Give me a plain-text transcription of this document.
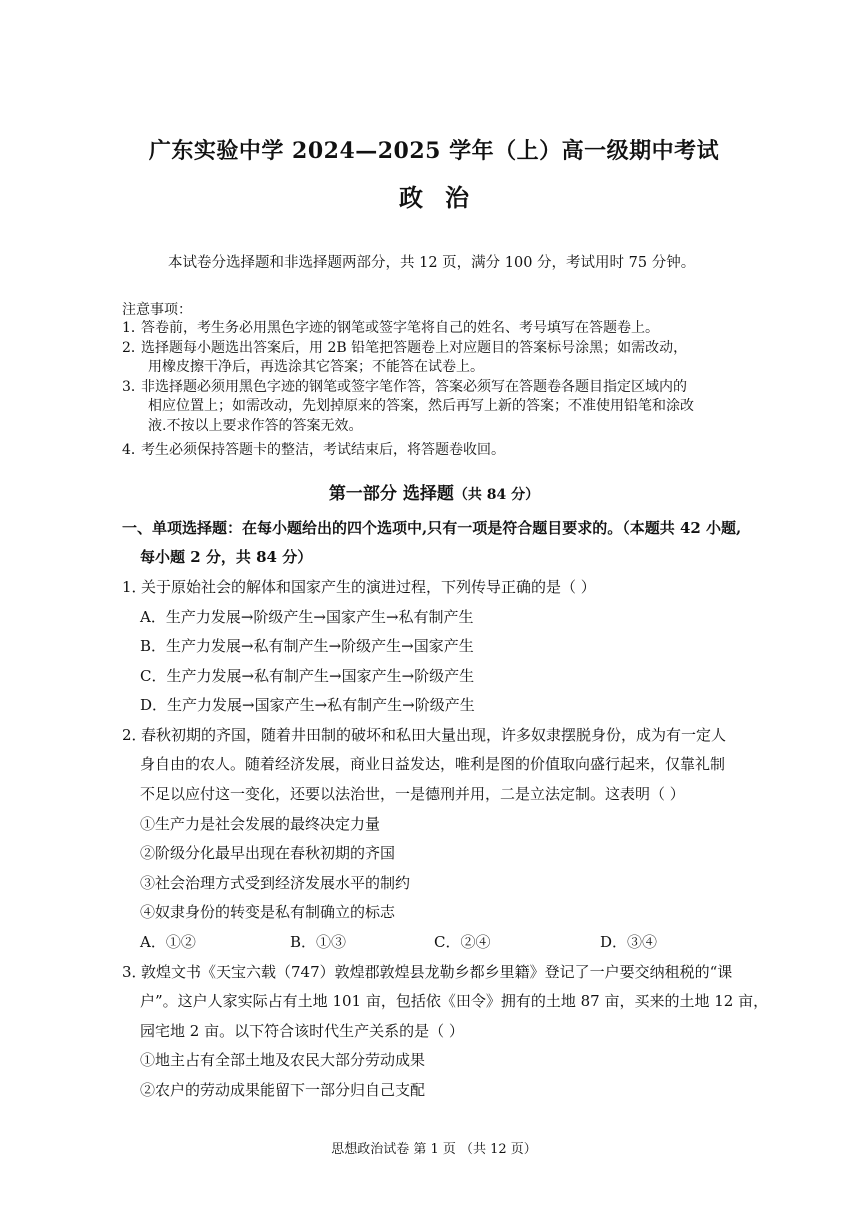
广东实验中学 2024—2025 学年（上）高一级期中考试
政治
本试卷分选择题和非选择题两部分，共 12 页，满分 100 分，考试用时 75 分钟。
注意事项：
1．答卷前，考生务必用黑色字迹的钢笔或签字笔将自己的姓名、考号填写在答题卷上。
2．选择题每小题选出答案后，用 2B 铅笔把答题卷上对应题目的答案标号涂黑；如需改动，
用橡皮擦干净后，再选涂其它答案；不能答在试卷上。
3．非选择题必须用黑色字迹的钢笔或签字笔作答，答案必须写在答题卷各题目指定区域内的
相应位置上；如需改动，先划掉原来的答案，然后再写上新的答案；不准使用铅笔和涂改
液.不按以上要求作答的答案无效。
4．考生必须保持答题卡的整洁，考试结束后，将答题卷收回。
第一部分 选择题（共 84 分）
一、单项选择题：在每小题给出的四个选项中,只有一项是符合题目要求的。（本题共 42 小题,
每小题 2 分，共 84 分）
1．关于原始社会的解体和国家产生的演进过程，下列传导正确的是（ ）
A．生产力发展→阶级产生→国家产生→私有制产生
B．生产力发展→私有制产生→阶级产生→国家产生
C．生产力发展→私有制产生→国家产生→阶级产生
D．生产力发展→国家产生→私有制产生→阶级产生
2．春秋初期的齐国，随着井田制的破坏和私田大量出现，许多奴隶摆脱身份，成为有一定人
身自由的农人。随着经济发展，商业日益发达，唯利是图的价值取向盛行起来，仅靠礼制
不足以应付这一变化，还要以法治世，一是德刑并用，二是立法定制。这表明（ ）
①生产力是社会发展的最终决定力量
②阶级分化最早出现在春秋初期的齐国
③社会治理方式受到经济发展水平的制约
④奴隶身份的转变是私有制确立的标志
A．①②	B．①③	C．②④	D．③④
3．敦煌文书《天宝六载（747）敦煌郡敦煌县龙勒乡都乡里籍》登记了一户要交纳租税的“课
户”。这户人家实际占有土地 101 亩，包括依《田令》拥有的土地 87 亩，买来的土地 12 亩，
园宅地 2 亩。以下符合该时代生产关系的是（ ）
①地主占有全部土地及农民大部分劳动成果
②农户的劳动成果能留下一部分归自己支配
思想政治试卷 第 1 页 （共 12 页）
